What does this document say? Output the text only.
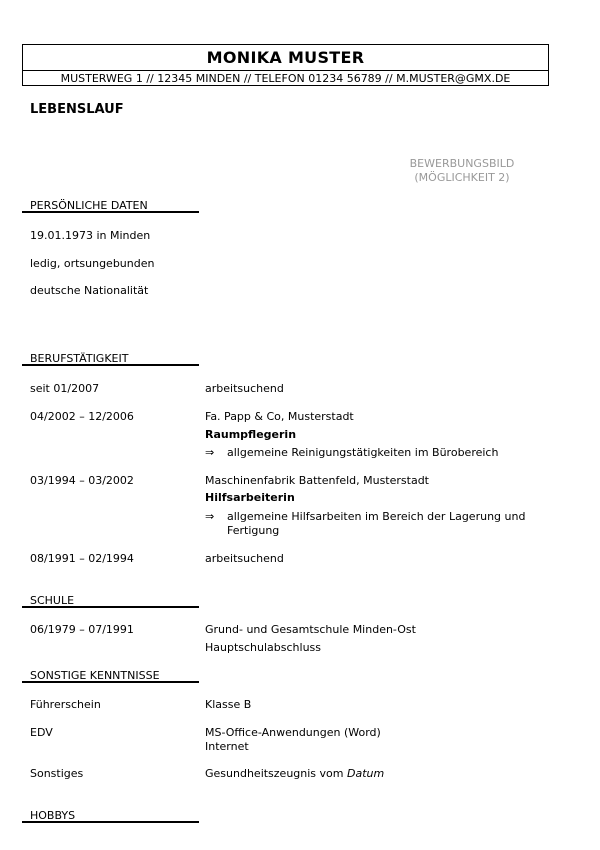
MONIKA MUSTER
MUSTERWEG 1 // 12345 MINDEN // TELEFON 01234 56789 // M.MUSTER@GMX.DE
LEBENSLAUF
BEWERBUNGSBILD
(MÖGLICHKEIT 2)
PERSÖNLICHE DATEN
19.01.1973 in Minden
ledig, ortsungebunden
deutsche Nationalität
BERUFSTÄTIGKEIT
seit 01/2007	arbeitsuchend
04/2002 – 12/2006	Fa. Papp & Co, Musterstadt
Raumpflegerin
⇒ allgemeine Reinigungstätigkeiten im Bürobereich
03/1994 – 03/2002	Maschinenfabrik Battenfeld, Musterstadt
Hilfsarbeiterin
⇒ allgemeine Hilfsarbeiten im Bereich der Lagerung und Fertigung
08/1991 – 02/1994	arbeitsuchend
SCHULE
06/1979 – 07/1991	Grund- und Gesamtschule Minden-Ost
Hauptschulabschluss
SONSTIGE KENNTNISSE
Führerschein	Klasse B
EDV	MS-Office-Anwendungen (Word)
Internet
Sonstiges	Gesundheitszeugnis vom Datum
HOBBYS
